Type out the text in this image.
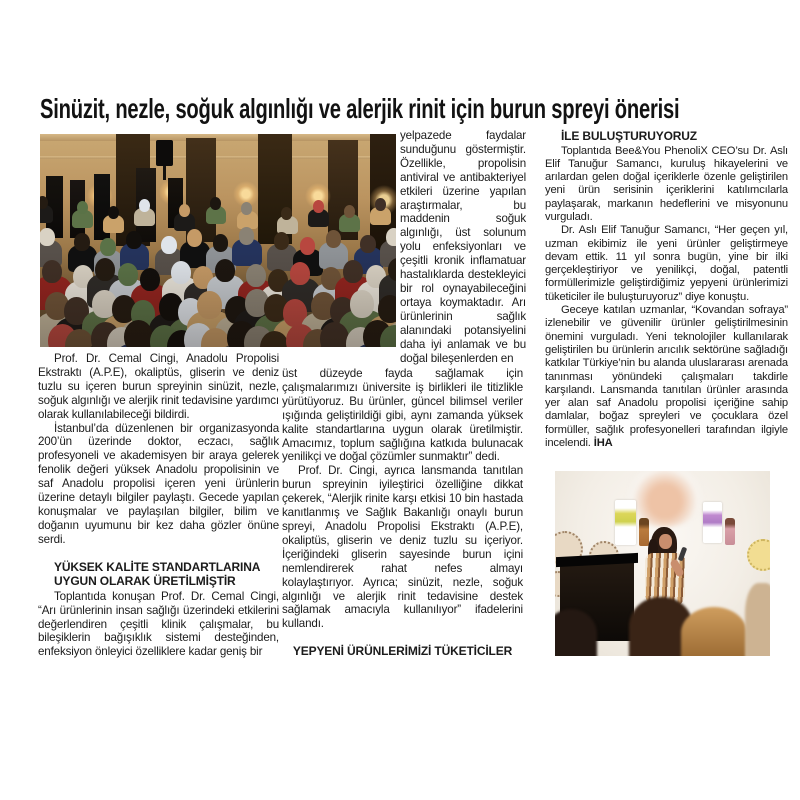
Sinüzit, nezle, soğuk algınlığı ve alerjik rinit için burun spreyi önerisi

Prof. Dr. Cemal Cingi, Anadolu Propolisi Ekstraktı (A.P.E), okaliptüs, gliserin ve deniz tuzlu su içeren burun spreyinin sinüzit, nezle, soğuk algınlığı ve alerjik rinit tedavisine yardımcı olarak kullanılabileceği bildirdi.

İstanbul’da düzenlenen bir organizasyonda 200’ün üzerinde doktor, eczacı, sağlık profesyoneli ve akademisyen bir araya gelerek fenolik değeri yüksek Anadolu propolisinin ve saf Anadolu propolisi içeren yeni ürünlerin üzerine detaylı bilgiler paylaştı. Gecede yapılan konuşmalar ve paylaşılan bilgiler, bilim ve doğanın uyumunu bir kez daha gözler önüne serdi.

YÜKSEK KALİTE STANDARTLARINA
UYGUN OLARAK ÜRETİLMİŞTİR

Toplantıda konuşan Prof. Dr. Cemal Cingi, “Arı ürünlerinin insan sağlığı üzerindeki etkilerini değerlendiren çeşitli klinik çalışmalar, bu bileşiklerin bağışıklık sistemi desteğinden, enfeksiyon önleyici özelliklere kadar geniş bir

yelpazede faydalar sunduğunu göstermiştir. Özellikle, propolisin antiviral ve antibakteriyel etkileri üzerine yapılan araştırmalar, bu maddenin soğuk algınlığı, üst solunum yolu enfeksiyonları ve çeşitli kronik inflamatuar hastalıklarda destekleyici bir rol oynayabileceğini ortaya koymaktadır. Arı ürünlerinin sağlık alanındaki potansiyelini daha iyi anlamak ve bu doğal bileşenlerden en

üst düzeyde fayda sağlamak için çalışmalarımızı üniversite iş birlikleri ile titizlikle yürütüyoruz. Bu ürünler, güncel bilimsel veriler ışığında geliştirildiği gibi, aynı zamanda yüksek kalite standartlarına uygun olarak üretilmiştir. Amacımız, toplum sağlığına katkıda bulunacak yenilikçi ve doğal çözümler sunmaktır” dedi.

Prof. Dr. Cingi, ayrıca lansmanda tanıtılan burun spreyinin iyileştirici özelliğine dikkat çekerek, “Alerjik rinite karşı etkisi 10 bin hastada kanıtlanmış ve Sağlık Bakanlığı onaylı burun spreyi, Anadolu Propolisi Ekstraktı (A.P.E), okaliptüs, gliserin ve deniz tuzlu su içeriyor. İçeriğindeki gliserin sayesinde burun içini nemlendirerek rahat nefes almayı kolaylaştırıyor. Ayrıca; sinüzit, nezle, soğuk algınlığı ve alerjik rinit tedavisine destek sağlamak amacıyla kullanılıyor” ifadelerini kullandı.

YEPYENİ ÜRÜNLERİMİZİ TÜKETİCİLER
İLE BULUŞTURUYORUZ

Toplantıda Bee&You PhenoliX CEO’su Dr. Aslı Elif Tanuğur Samancı, kuruluş hikayelerini ve arılardan gelen doğal içeriklerle özenle geliştirilen yeni ürün serisinin içeriklerini katılımcılarla paylaşarak, markanın hedeflerini ve misyonunu vurguladı.

Dr. Aslı Elif Tanuğur Samancı, “Her geçen yıl, uzman ekibimiz ile yeni ürünler geliştirmeye devam ettik. 11 yıl sonra bugün, yine bir ilki gerçekleştiriyor ve yenilikçi, doğal, patentli formüllerimizle geliştirdiğimiz yepyeni ürünlerimizi tüketiciler ile buluşturuyoruz” diye konuştu.

Geceye katılan uzmanlar, “Kovandan sofraya” izlenebilir ve güvenilir ürünler geliştirilmesinin önemini vurguladı. Yeni teknolojiler kullanılarak geliştirilen bu ürünlerin arıcılık sektörüne sağladığı katkılar Türkiye’nin bu alanda uluslararası arenada tanınması yönündeki çalışmaları takdirle karşılandı. Lansmanda tanıtılan ürünler arasında yer alan saf Anadolu propolisi içeriğine sahip damlalar, boğaz spreyleri ve çocuklara özel formüller, sağlık profesyonelleri tarafından ilgiyle incelendi. İHA
